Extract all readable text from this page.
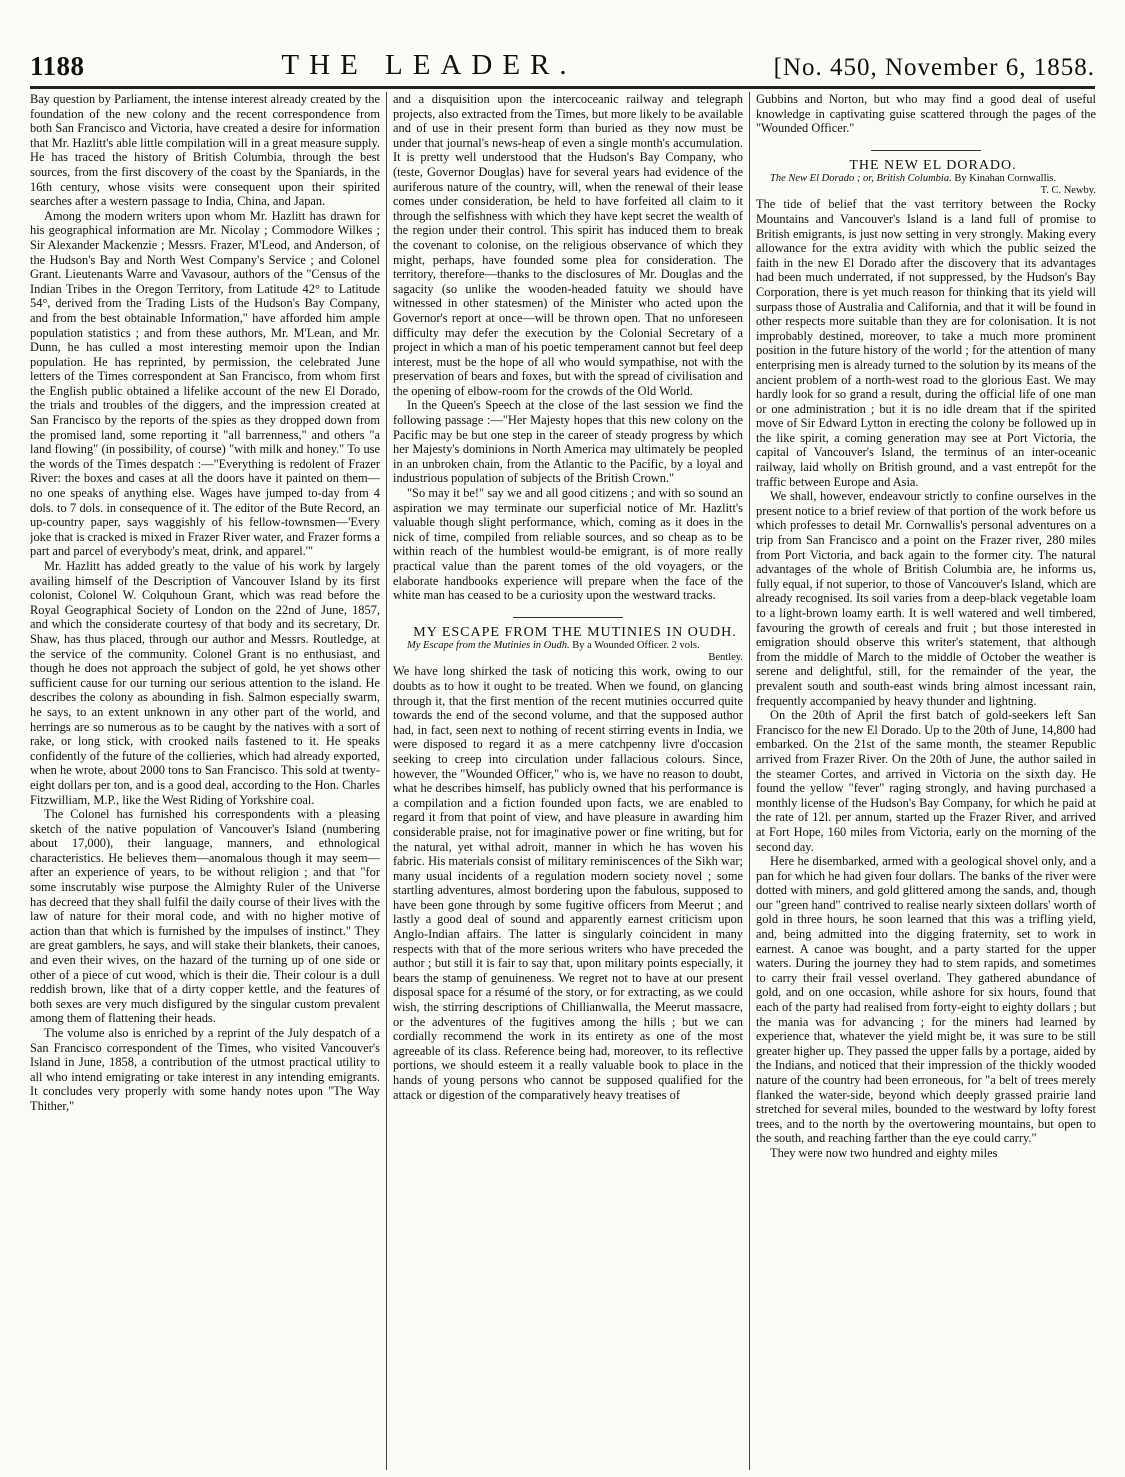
1188	THE LEADER.	[No. 450, November 6, 1858.

Bay question by Parliament, the intense interest already created by the foundation of the new colony and the recent correspondence from both San Francisco and Victoria, have created a desire for information that Mr. Hazlitt's able little compilation will in a great measure supply. He has traced the history of British Columbia, through the best sources, from the first discovery of the coast by the Spaniards, in the 16th century, whose visits were consequent upon their spirited searches after a western passage to India, China, and Japan.

Among the modern writers upon whom Mr. Hazlitt has drawn for his geographical information are Mr. Nicolay ; Commodore Wilkes ; Sir Alexander Mackenzie ; Messrs. Frazer, M'Leod, and Anderson, of the Hudson's Bay and North West Company's Service ; and Colonel Grant. Lieutenants Warre and Vavasour, authors of the "Census of the Indian Tribes in the Oregon Territory, from Latitude 42° to Latitude 54°, derived from the Trading Lists of the Hudson's Bay Company, and from the best obtainable Information," have afforded him ample population statistics ; and from these authors, Mr. M'Lean, and Mr. Dunn, he has culled a most interesting memoir upon the Indian population. He has reprinted, by permission, the celebrated June letters of the Times correspondent at San Francisco, from whom first the English public obtained a lifelike account of the new El Dorado, the trials and troubles of the diggers, and the impression created at San Francisco by the reports of the spies as they dropped down from the promised land, some reporting it "all barrenness," and others "a land flowing" (in possibility, of course) "with milk and honey." To use the words of the Times despatch :—"Everything is redolent of Frazer River: the boxes and cases at all the doors have it painted on them—no one speaks of anything else. Wages have jumped to-day from 4 dols. to 7 dols. in consequence of it. The editor of the Bute Record, an up-country paper, says waggishly of his fellow-townsmen—'Every joke that is cracked is mixed in Frazer River water, and Frazer forms a part and parcel of everybody's meat, drink, and apparel.'"

Mr. Hazlitt has added greatly to the value of his work by largely availing himself of the Description of Vancouver Island by its first colonist, Colonel W. Colquhoun Grant, which was read before the Royal Geographical Society of London on the 22nd of June, 1857, and which the considerate courtesy of that body and its secretary, Dr. Shaw, has thus placed, through our author and Messrs. Routledge, at the service of the community. Colonel Grant is no enthusiast, and though he does not approach the subject of gold, he yet shows other sufficient cause for our turning our serious attention to the island. He describes the colony as abounding in fish. Salmon especially swarm, he says, to an extent unknown in any other part of the world, and herrings are so numerous as to be caught by the natives with a sort of rake, or long stick, with crooked nails fastened to it. He speaks confidently of the future of the collieries, which had already exported, when he wrote, about 2000 tons to San Francisco. This sold at twenty-eight dollars per ton, and is a good deal, according to the Hon. Charles Fitzwilliam, M.P., like the West Riding of Yorkshire coal.

The Colonel has furnished his correspondents with a pleasing sketch of the native population of Vancouver's Island (numbering about 17,000), their language, manners, and ethnological characteristics. He believes them—anomalous though it may seem—after an experience of years, to be without religion ; and that "for some inscrutably wise purpose the Almighty Ruler of the Universe has decreed that they shall fulfil the daily course of their lives with the law of nature for their moral code, and with no higher motive of action than that which is furnished by the impulses of instinct." They are great gamblers, he says, and will stake their blankets, their canoes, and even their wives, on the hazard of the turning up of one side or other of a piece of cut wood, which is their die. Their colour is a dull reddish brown, like that of a dirty copper kettle, and the features of both sexes are very much disfigured by the singular custom prevalent among them of flattening their heads.

The volume also is enriched by a reprint of the July despatch of a San Francisco correspondent of the Times, who visited Vancouver's Island in June, 1858, a contribution of the utmost practical utility to all who intend emigrating or take interest in any intending emigrants. It concludes very properly with some handy notes upon "The Way Thither,"

and a disquisition upon the intercoceanic railway and telegraph projects, also extracted from the Times, but more likely to be available and of use in their present form than buried as they now must be under that journal's news-heap of even a single month's accumulation. It is pretty well understood that the Hudson's Bay Company, who (teste, Governor Douglas) have for several years had evidence of the auriferous nature of the country, will, when the renewal of their lease comes under consideration, be held to have forfeited all claim to it through the selfishness with which they have kept secret the wealth of the region under their control. This spirit has induced them to break the covenant to colonise, on the religious observance of which they might, perhaps, have founded some plea for consideration. The territory, therefore—thanks to the disclosures of Mr. Douglas and the sagacity (so unlike the wooden-headed fatuity we should have witnessed in other statesmen) of the Minister who acted upon the Governor's report at once—will be thrown open. That no unforeseen difficulty may defer the execution by the Colonial Secretary of a project in which a man of his poetic temperament cannot but feel deep interest, must be the hope of all who would sympathise, not with the preservation of bears and foxes, but with the spread of civilisation and the opening of elbow-room for the crowds of the Old World.

In the Queen's Speech at the close of the last session we find the following passage :—"Her Majesty hopes that this new colony on the Pacific may be but one step in the career of steady progress by which her Majesty's dominions in North America may ultimately be peopled in an unbroken chain, from the Atlantic to the Pacific, by a loyal and industrious population of subjects of the British Crown."

"So may it be!" say we and all good citizens ; and with so sound an aspiration we may terminate our superficial notice of Mr. Hazlitt's valuable though slight performance, which, coming as it does in the nick of time, compiled from reliable sources, and so cheap as to be within reach of the humblest would-be emigrant, is of more really practical value than the parent tomes of the old voyagers, or the elaborate handbooks experience will prepare when the face of the white man has ceased to be a curiosity upon the westward tracks.

MY ESCAPE FROM THE MUTINIES IN OUDH.

My Escape from the Mutinies in Oudh. By a Wounded Officer. 2 vols.
Bentley.

We have long shirked the task of noticing this work, owing to our doubts as to how it ought to be treated. When we found, on glancing through it, that the first mention of the recent mutinies occurred quite towards the end of the second volume, and that the supposed author had, in fact, seen next to nothing of recent stirring events in India, we were disposed to regard it as a mere catchpenny livre d'occasion seeking to creep into circulation under fallacious colours. Since, however, the "Wounded Officer," who is, we have no reason to doubt, what he describes himself, has publicly owned that his performance is a compilation and a fiction founded upon facts, we are enabled to regard it from that point of view, and have pleasure in awarding him considerable praise, not for imaginative power or fine writing, but for the natural, yet withal adroit, manner in which he has woven his fabric. His materials consist of military reminiscences of the Sikh war; many usual incidents of a regulation modern society novel ; some startling adventures, almost bordering upon the fabulous, supposed to have been gone through by some fugitive officers from Meerut ; and lastly a good deal of sound and apparently earnest criticism upon Anglo-Indian affairs. The latter is singularly coincident in many respects with that of the more serious writers who have preceded the author ; but still it is fair to say that, upon military points especially, it bears the stamp of genuineness. We regret not to have at our present disposal space for a résumé of the story, or for extracting, as we could wish, the stirring descriptions of Chillianwalla, the Meerut massacre, or the adventures of the fugitives among the hills ; but we can cordially recommend the work in its entirety as one of the most agreeable of its class. Reference being had, moreover, to its reflective portions, we should esteem it a really valuable book to place in the hands of young persons who cannot be supposed qualified for the attack or digestion of the comparatively heavy treatises of

Gubbins and Norton, but who may find a good deal of useful knowledge in captivating guise scattered through the pages of the "Wounded Officer."

THE NEW EL DORADO.

The New El Dorado ; or, British Columbia. By Kinahan Cornwallis.
T. C. Newby.

The tide of belief that the vast territory between the Rocky Mountains and Vancouver's Island is a land full of promise to British emigrants, is just now setting in very strongly. Making every allowance for the extra avidity with which the public seized the faith in the new El Dorado after the discovery that its advantages had been much underrated, if not suppressed, by the Hudson's Bay Corporation, there is yet much reason for thinking that its yield will surpass those of Australia and California, and that it will be found in other respects more suitable than they are for colonisation. It is not improbably destined, moreover, to take a much more prominent position in the future history of the world ; for the attention of many enterprising men is already turned to the solution by its means of the ancient problem of a north-west road to the glorious East. We may hardly look for so grand a result, during the official life of one man or one administration ; but it is no idle dream that if the spirited move of Sir Edward Lytton in erecting the colony be followed up in the like spirit, a coming generation may see at Port Victoria, the capital of Vancouver's Island, the terminus of an inter-oceanic railway, laid wholly on British ground, and a vast entrepôt for the traffic between Europe and Asia.

We shall, however, endeavour strictly to confine ourselves in the present notice to a brief review of that portion of the work before us which professes to detail Mr. Cornwallis's personal adventures on a trip from San Francisco and a point on the Frazer river, 280 miles from Port Victoria, and back again to the former city. The natural advantages of the whole of British Columbia are, he informs us, fully equal, if not superior, to those of Vancouver's Island, which are already recognised. Its soil varies from a deep-black vegetable loam to a light-brown loamy earth. It is well watered and well timbered, favouring the growth of cereals and fruit ; but those interested in emigration should observe this writer's statement, that although from the middle of March to the middle of October the weather is serene and delightful, still, for the remainder of the year, the prevalent south and south-east winds bring almost incessant rain, frequently accompanied by heavy thunder and lightning.

On the 20th of April the first batch of gold-seekers left San Francisco for the new El Dorado. Up to the 20th of June, 14,800 had embarked. On the 21st of the same month, the steamer Republic arrived from Frazer River. On the 20th of June, the author sailed in the steamer Cortes, and arrived in Victoria on the sixth day. He found the yellow "fever" raging strongly, and having purchased a monthly license of the Hudson's Bay Company, for which he paid at the rate of 12l. per annum, started up the Frazer River, and arrived at Fort Hope, 160 miles from Victoria, early on the morning of the second day.

Here he disembarked, armed with a geological shovel only, and a pan for which he had given four dollars. The banks of the river were dotted with miners, and gold glittered among the sands, and, though our "green hand" contrived to realise nearly sixteen dollars' worth of gold in three hours, he soon learned that this was a trifling yield, and, being admitted into the digging fraternity, set to work in earnest. A canoe was bought, and a party started for the upper waters. During the journey they had to stem rapids, and sometimes to carry their frail vessel overland. They gathered abundance of gold, and on one occasion, while ashore for six hours, found that each of the party had realised from forty-eight to eighty dollars ; but the mania was for advancing ; for the miners had learned by experience that, whatever the yield might be, it was sure to be still greater higher up. They passed the upper falls by a portage, aided by the Indians, and noticed that their impression of the thickly wooded nature of the country had been erroneous, for "a belt of trees merely flanked the water-side, beyond which deeply grassed prairie land stretched for several miles, bounded to the westward by lofty forest trees, and to the north by the overtowering mountains, but open to the south, and reaching farther than the eye could carry."

They were now two hundred and eighty miles
